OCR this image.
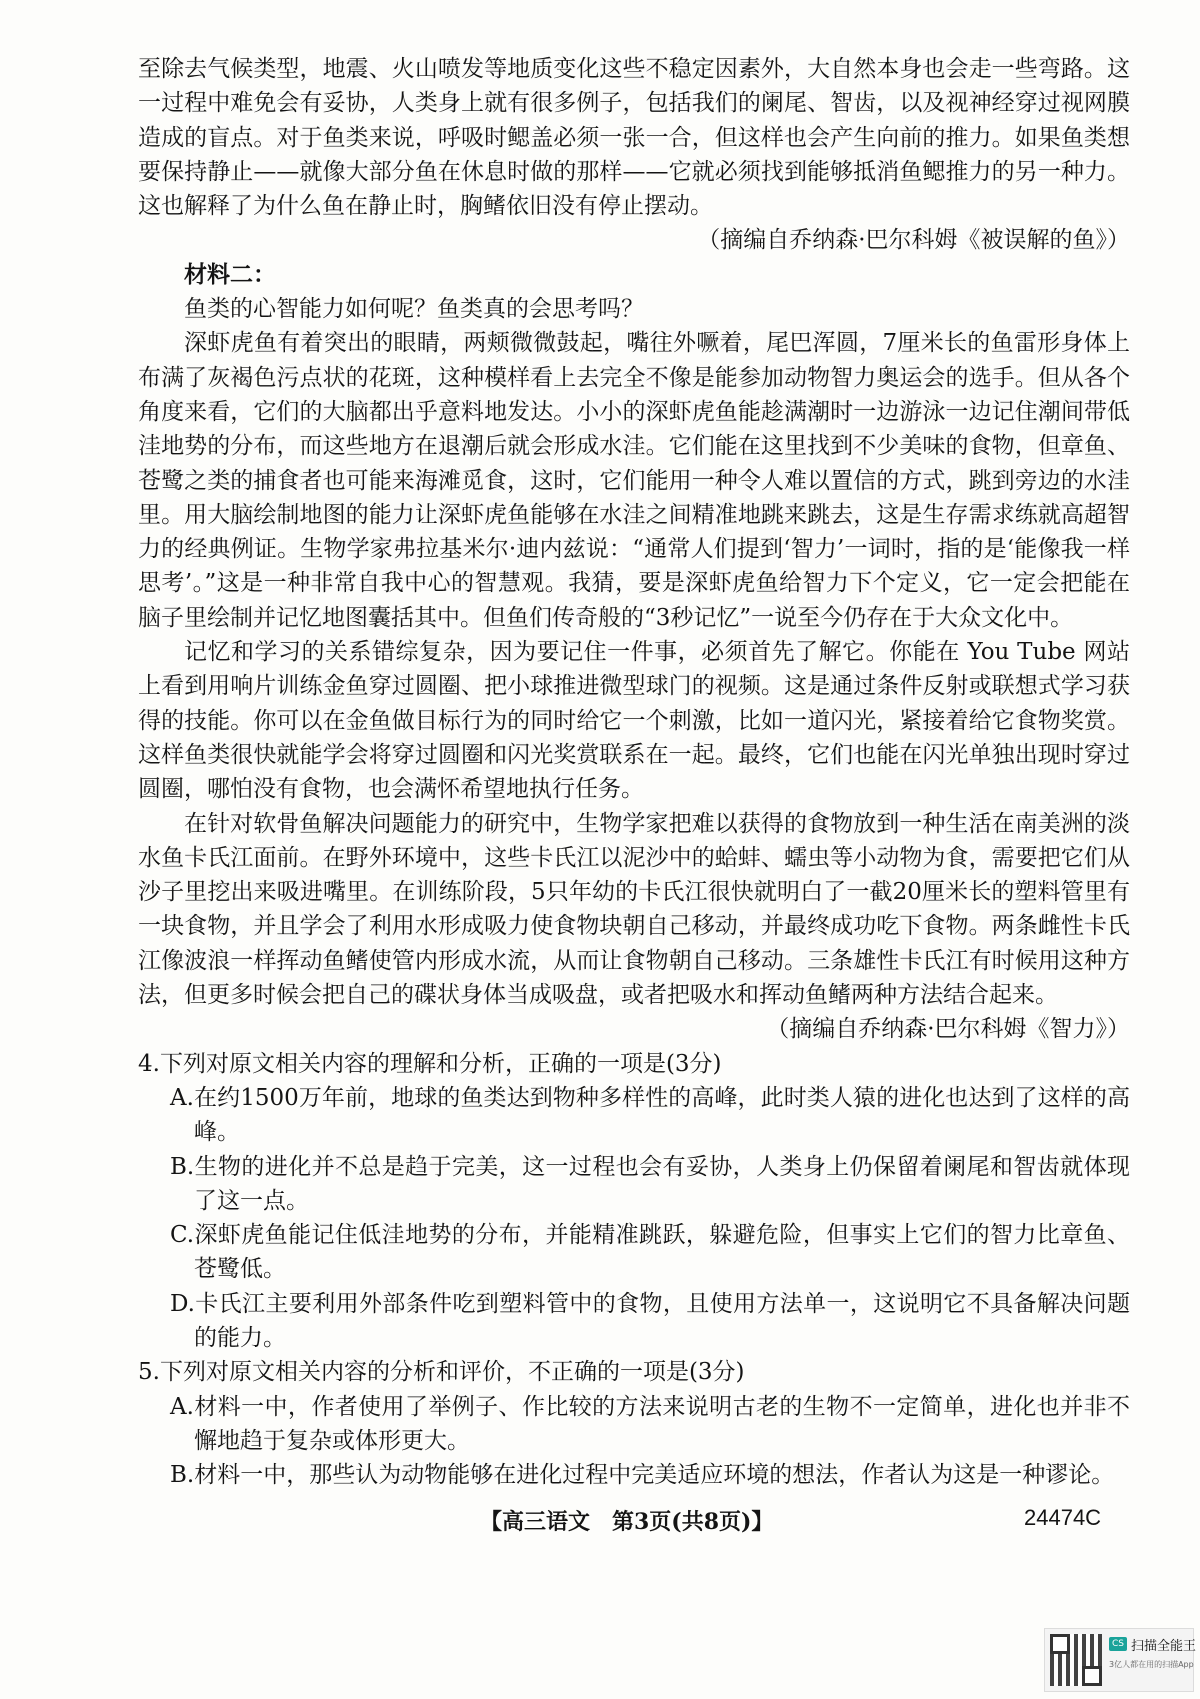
至除去气候类型，地震、火山喷发等地质变化这些不稳定因素外，大自然本身也会走一些弯路。这一过程中难免会有妥协，人类身上就有很多例子，包括我们的阑尾、智齿，以及视神经穿过视网膜造成的盲点。对于鱼类来说，呼吸时鳃盖必须一张一合，但这样也会产生向前的推力。如果鱼类想要保持静止——就像大部分鱼在休息时做的那样——它就必须找到能够抵消鱼鳃推力的另一种力。这也解释了为什么鱼在静止时，胸鳍依旧没有停止摆动。

（摘编自乔纳森·巴尔科姆《被误解的鱼》）

材料二：

鱼类的心智能力如何呢？鱼类真的会思考吗？

深虾虎鱼有着突出的眼睛，两颊微微鼓起，嘴往外噘着，尾巴浑圆，7厘米长的鱼雷形身体上布满了灰褐色污点状的花斑，这种模样看上去完全不像是能参加动物智力奥运会的选手。但从各个角度来看，它们的大脑都出乎意料地发达。小小的深虾虎鱼能趁满潮时一边游泳一边记住潮间带低洼地势的分布，而这些地方在退潮后就会形成水洼。它们能在这里找到不少美味的食物，但章鱼、苍鹭之类的捕食者也可能来海滩觅食，这时，它们能用一种令人难以置信的方式，跳到旁边的水洼里。用大脑绘制地图的能力让深虾虎鱼能够在水洼之间精准地跳来跳去，这是生存需求练就高超智力的经典例证。生物学家弗拉基米尔·迪内兹说：“通常人们提到‘智力’一词时，指的是‘能像我一样思考’。”这是一种非常自我中心的智慧观。我猜，要是深虾虎鱼给智力下个定义，它一定会把能在脑子里绘制并记忆地图囊括其中。但鱼们传奇般的“3秒记忆”一说至今仍存在于大众文化中。

记忆和学习的关系错综复杂，因为要记住一件事，必须首先了解它。你能在 You Tube 网站上看到用响片训练金鱼穿过圆圈、把小球推进微型球门的视频。这是通过条件反射或联想式学习获得的技能。你可以在金鱼做目标行为的同时给它一个刺激，比如一道闪光，紧接着给它食物奖赏。这样鱼类很快就能学会将穿过圆圈和闪光奖赏联系在一起。最终，它们也能在闪光单独出现时穿过圆圈，哪怕没有食物，也会满怀希望地执行任务。

在针对软骨鱼解决问题能力的研究中，生物学家把难以获得的食物放到一种生活在南美洲的淡水鱼卡氏江面前。在野外环境中，这些卡氏江以泥沙中的蛤蚌、蠕虫等小动物为食，需要把它们从沙子里挖出来吸进嘴里。在训练阶段，5只年幼的卡氏江很快就明白了一截20厘米长的塑料管里有一块食物，并且学会了利用水形成吸力使食物块朝自己移动，并最终成功吃下食物。两条雌性卡氏江像波浪一样挥动鱼鳍使管内形成水流，从而让食物朝自己移动。三条雄性卡氏江有时候用这种方法，但更多时候会把自己的碟状身体当成吸盘，或者把吸水和挥动鱼鳍两种方法结合起来。

（摘编自乔纳森·巴尔科姆《智力》）

4.下列对原文相关内容的理解和分析，正确的一项是(3分)

A.在约1500万年前，地球的鱼类达到物种多样性的高峰，此时类人猿的进化也达到了这样的高峰。

B.生物的进化并不总是趋于完美，这一过程也会有妥协，人类身上仍保留着阑尾和智齿就体现了这一点。

C.深虾虎鱼能记住低洼地势的分布，并能精准跳跃，躲避危险，但事实上它们的智力比章鱼、苍鹭低。

D.卡氏江主要利用外部条件吃到塑料管中的食物，且使用方法单一，这说明它不具备解决问题的能力。

5.下列对原文相关内容的分析和评价，不正确的一项是(3分)

A.材料一中，作者使用了举例子、作比较的方法来说明古老的生物不一定简单，进化也并非不懈地趋于复杂或体形更大。

B.材料一中，那些认为动物能够在进化过程中完美适应环境的想法，作者认为这是一种谬论。

【高三语文　第3页(共8页)】	24474C
CS 扫描全能王
3亿人都在用的扫描App
